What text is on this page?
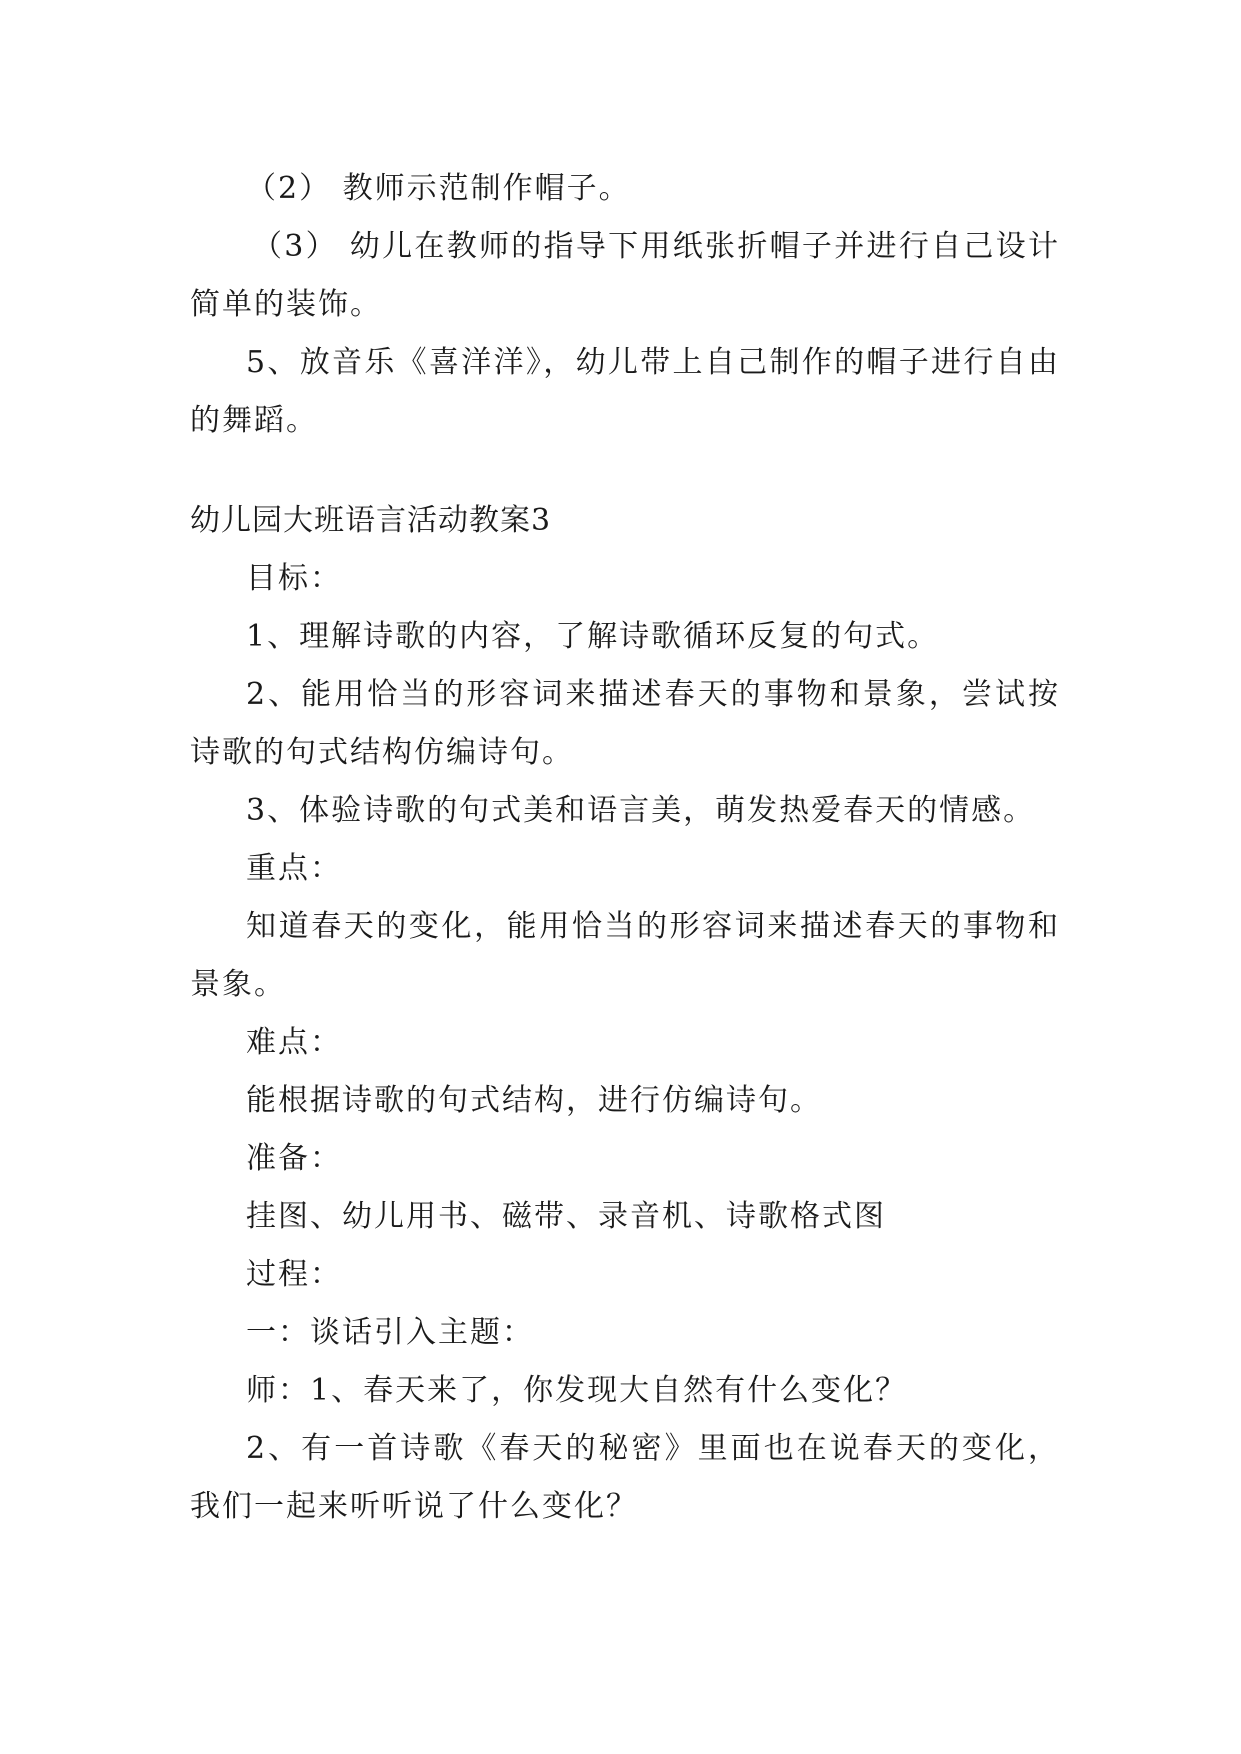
（2） 教师示范制作帽子。

（3） 幼儿在教师的指导下用纸张折帽子并进行自己设计简单的装饰。

5、放音乐《喜洋洋》，幼儿带上自己制作的帽子进行自由的舞蹈。

幼儿园大班语言活动教案3

目标：

1、理解诗歌的内容，了解诗歌循环反复的句式。

2、能用恰当的形容词来描述春天的事物和景象，尝试按诗歌的句式结构仿编诗句。

3、体验诗歌的句式美和语言美，萌发热爱春天的情感。

重点：

知道春天的变化，能用恰当的形容词来描述春天的事物和景象。

难点：

能根据诗歌的句式结构，进行仿编诗句。

准备：

挂图、幼儿用书、磁带、录音机、诗歌格式图

过程：

一：谈话引入主题：

师：1、春天来了，你发现大自然有什么变化？

2、有一首诗歌《春天的秘密》里面也在说春天的变化，我们一起来听听说了什么变化？
